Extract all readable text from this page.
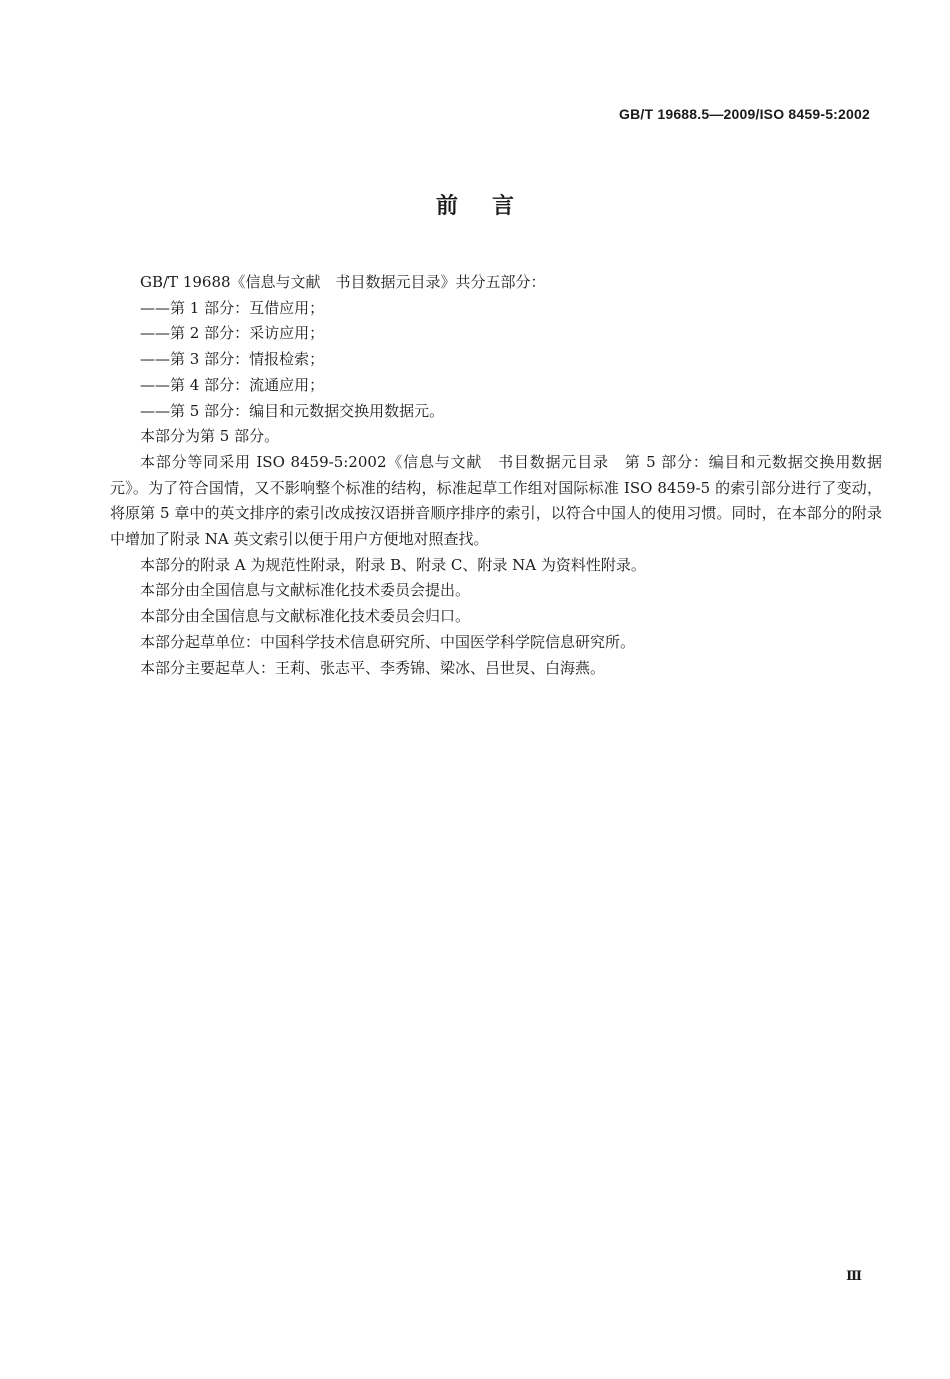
GB/T 19688.5—2009/ISO 8459-5:2002
前言

GB/T 19688《信息与文献　书目数据元目录》共分五部分：

——第 1 部分：互借应用；

——第 2 部分：采访应用；

——第 3 部分：情报检索；

——第 4 部分：流通应用；

——第 5 部分：编目和元数据交换用数据元。

本部分为第 5 部分。

本部分等同采用 ISO 8459-5:2002《信息与文献　书目数据元目录　第 5 部分：编目和元数据交换用数据元》。为了符合国情，又不影响整个标准的结构，标准起草工作组对国际标准 ISO 8459-5 的索引部分进行了变动，将原第 5 章中的英文排序的索引改成按汉语拼音顺序排序的索引，以符合中国人的使用习惯。同时，在本部分的附录中增加了附录 NA 英文索引以便于用户方便地对照查找。

本部分的附录 A 为规范性附录，附录 B、附录 C、附录 NA 为资料性附录。

本部分由全国信息与文献标准化技术委员会提出。

本部分由全国信息与文献标准化技术委员会归口。

本部分起草单位：中国科学技术信息研究所、中国医学科学院信息研究所。

本部分主要起草人：王莉、张志平、李秀锦、梁冰、吕世炅、白海燕。

Ⅲ
